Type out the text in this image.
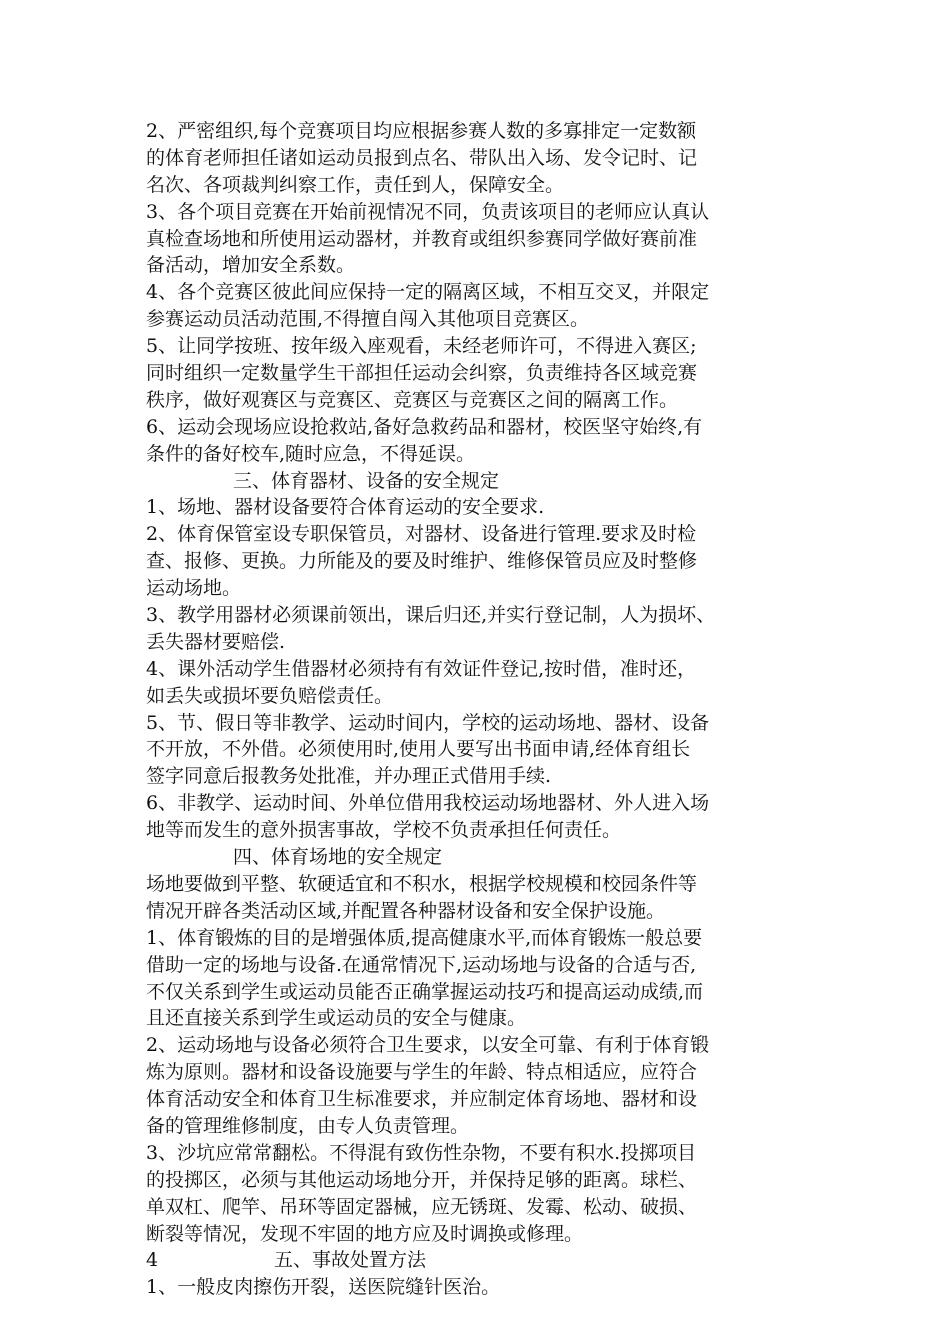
2、严密组织,每个竞赛项目均应根据参赛人数的多寡排定一定数额
的体育老师担任诸如运动员报到点名、带队出入场、发令记时、记
名次、各项裁判纠察工作，责任到人，保障安全。
3、各个项目竞赛在开始前视情况不同，负责该项目的老师应认真认
真检查场地和所使用运动器材，并教育或组织参赛同学做好赛前准
备活动，增加安全系数。
4、各个竞赛区彼此间应保持一定的隔离区域，不相互交叉，并限定
参赛运动员活动范围,不得擅自闯入其他项目竞赛区。
5、让同学按班、按年级入座观看，未经老师许可，不得进入赛区;
同时组织一定数量学生干部担任运动会纠察，负责维持各区域竞赛
秩序，做好观赛区与竞赛区、竞赛区与竞赛区之间的隔离工作。
6、运动会现场应设抢救站,备好急救药品和器材，校医坚守始终,有
条件的备好校车,随时应急，不得延误。
三、体育器材、设备的安全规定
1、场地、器材设备要符合体育运动的安全要求.
2、体育保管室设专职保管员，对器材、设备进行管理.要求及时检
查、报修、更换。力所能及的要及时维护、维修保管员应及时整修
运动场地。
3、教学用器材必须课前领出，课后归还,并实行登记制，人为损坏、
丢失器材要赔偿.
4、课外活动学生借器材必须持有有效证件登记,按时借，准时还，
如丢失或损坏要负赔偿责任。
5、节、假日等非教学、运动时间内，学校的运动场地、器材、设备
不开放，不外借。必须使用时,使用人要写出书面申请,经体育组长
签字同意后报教务处批准，并办理正式借用手续.
6、非教学、运动时间、外单位借用我校运动场地器材、外人进入场
地等而发生的意外损害事故，学校不负责承担任何责任。
四、体育场地的安全规定
场地要做到平整、软硬适宜和不积水，根据学校规模和校园条件等
情况开辟各类活动区域,并配置各种器材设备和安全保护设施。
1、体育锻炼的目的是增强体质,提高健康水平,而体育锻炼一般总要
借助一定的场地与设备.在通常情况下,运动场地与设备的合适与否,
不仅关系到学生或运动员能否正确掌握运动技巧和提高运动成绩,而
且还直接关系到学生或运动员的安全与健康。
2、运动场地与设备必须符合卫生要求，以安全可靠、有利于体育锻
炼为原则。器材和设备设施要与学生的年龄、特点相适应，应符合
体育活动安全和体育卫生标准要求，并应制定体育场地、器材和设
备的管理维修制度，由专人负责管理。
3、沙坑应常常翻松。不得混有致伤性杂物，不要有积水.投掷项目
的投掷区，必须与其他运动场地分开，并保持足够的距离。球栏、
单双杠、爬竿、吊环等固定器械，应无锈斑、发霉、松动、破损、
断裂等情况，发现不牢固的地方应及时调换或修理。
4	五、事故处置方法
1、一般皮肉擦伤开裂，送医院缝针医治。
